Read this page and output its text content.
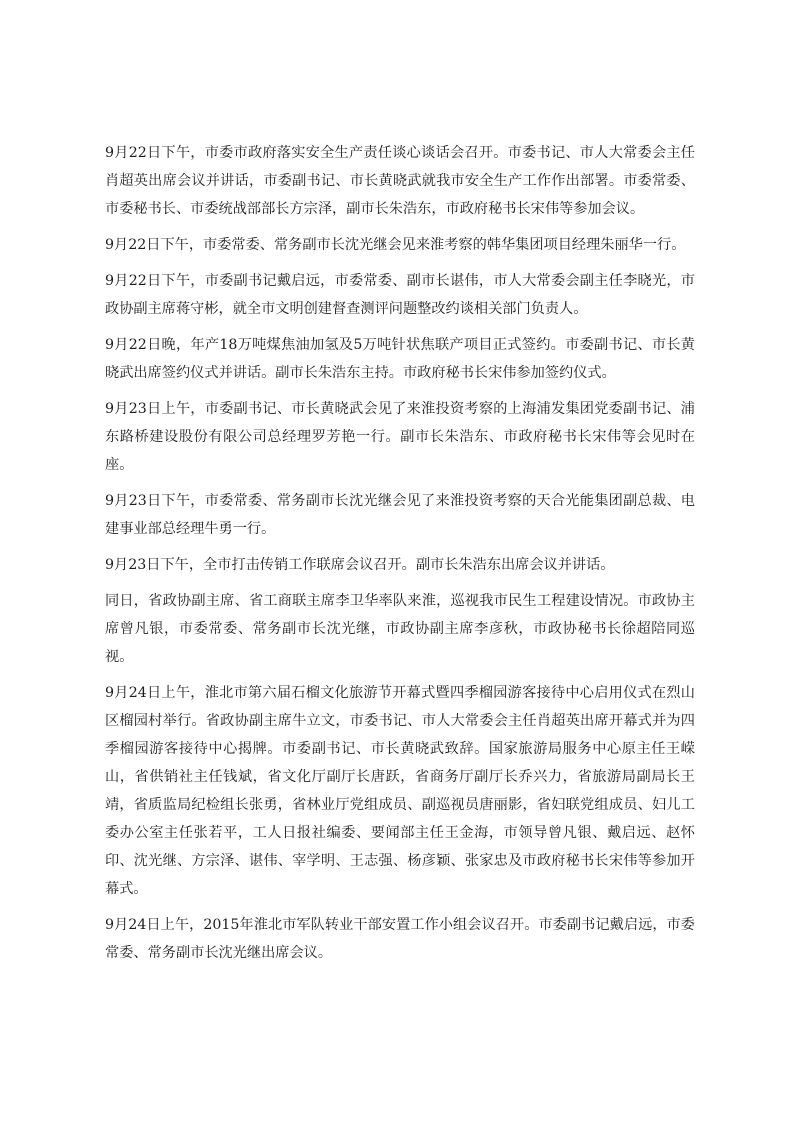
9月22日下午，市委市政府落实安全生产责任谈心谈话会召开。市委书记、市人大常委会主任肖超英出席会议并讲话，市委副书记、市长黄晓武就我市安全生产工作作出部署。市委常委、市委秘书长、市委统战部部长方宗泽，副市长朱浩东，市政府秘书长宋伟等参加会议。

9月22日下午，市委常委、常务副市长沈光继会见来淮考察的韩华集团项目经理朱丽华一行。

9月22日下午，市委副书记戴启远，市委常委、副市长谌伟，市人大常委会副主任李晓光，市政协副主席蒋守彬，就全市文明创建督查测评问题整改约谈相关部门负责人。

9月22日晚，年产18万吨煤焦油加氢及5万吨针状焦联产项目正式签约。市委副书记、市长黄晓武出席签约仪式并讲话。副市长朱浩东主持。市政府秘书长宋伟参加签约仪式。

9月23日上午，市委副书记、市长黄晓武会见了来淮投资考察的上海浦发集团党委副书记、浦东路桥建设股份有限公司总经理罗芳艳一行。副市长朱浩东、市政府秘书长宋伟等会见时在座。

9月23日下午，市委常委、常务副市长沈光继会见了来淮投资考察的天合光能集团副总裁、电建事业部总经理牛勇一行。

9月23日下午，全市打击传销工作联席会议召开。副市长朱浩东出席会议并讲话。

同日，省政协副主席、省工商联主席李卫华率队来淮，巡视我市民生工程建设情况。市政协主席曾凡银，市委常委、常务副市长沈光继，市政协副主席李彦秋，市政协秘书长徐超陪同巡视。

9月24日上午，淮北市第六届石榴文化旅游节开幕式暨四季榴园游客接待中心启用仪式在烈山区榴园村举行。省政协副主席牛立文，市委书记、市人大常委会主任肖超英出席开幕式并为四季榴园游客接待中心揭牌。市委副书记、市长黄晓武致辞。国家旅游局服务中心原主任王嵘山，省供销社主任钱斌，省文化厅副厅长唐跃，省商务厅副厅长乔兴力，省旅游局副局长王靖，省质监局纪检组长张勇，省林业厅党组成员、副巡视员唐丽影，省妇联党组成员、妇儿工委办公室主任张若平，工人日报社编委、要闻部主任王金海，市领导曾凡银、戴启远、赵怀印、沈光继、方宗泽、谌伟、宰学明、王志强、杨彦颖、张家忠及市政府秘书长宋伟等参加开幕式。

9月24日上午，2015年淮北市军队转业干部安置工作小组会议召开。市委副书记戴启远，市委常委、常务副市长沈光继出席会议。
